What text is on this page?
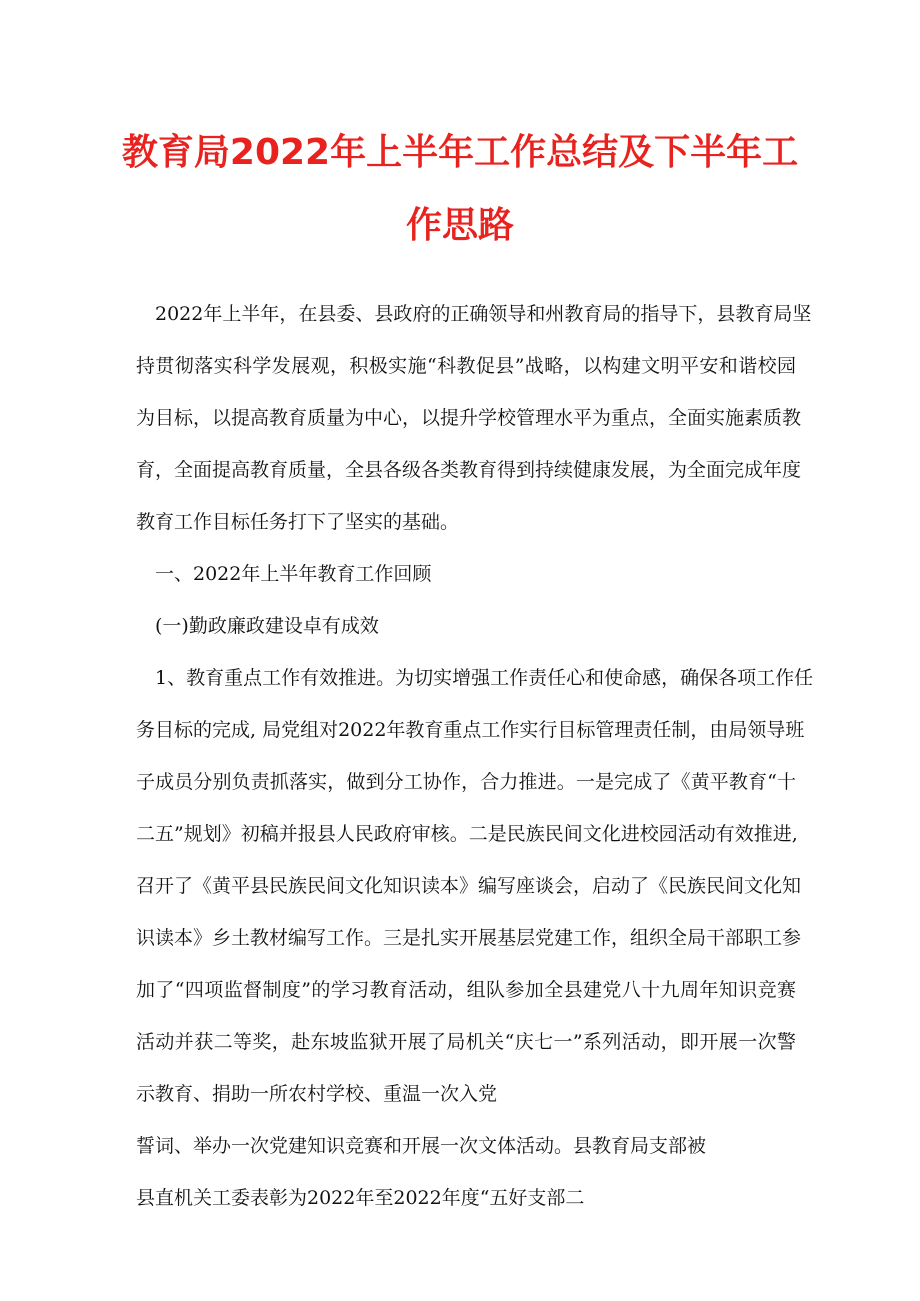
教育局2022年上半年工作总结及下半年工
作思路

2022年上半年，在县委、县政府的正确领导和州教育局的指导下，县教育局坚

持贯彻落实科学发展观，积极实施“科教促县”战略，以构建文明平安和谐校园

为目标，以提高教育质量为中心，以提升学校管理水平为重点，全面实施素质教

育，全面提高教育质量，全县各级各类教育得到持续健康发展，为全面完成年度

教育工作目标任务打下了坚实的基础。

一、2022年上半年教育工作回顾

(一)勤政廉政建设卓有成效

1、教育重点工作有效推进。为切实增强工作责任心和使命感，确保各项工作任

务目标的完成, 局党组对2022年教育重点工作实行目标管理责任制，由局领导班

子成员分别负责抓落实，做到分工协作，合力推进。一是完成了《黄平教育“十

二五”规划》初稿并报县人民政府审核。二是民族民间文化进校园活动有效推进,

召开了《黄平县民族民间文化知识读本》编写座谈会，启动了《民族民间文化知

识读本》乡土教材编写工作。三是扎实开展基层党建工作，组织全局干部职工参

加了“四项监督制度”的学习教育活动，组队参加全县建党八十九周年知识竞赛

活动并获二等奖，赴东坡监狱开展了局机关“庆七一”系列活动，即开展一次警

示教育、捐助一所农村学校、重温一次入党

誓词、举办一次党建知识竞赛和开展一次文体活动。县教育局支部被

县直机关工委表彰为2022年至2022年度“五好支部二
